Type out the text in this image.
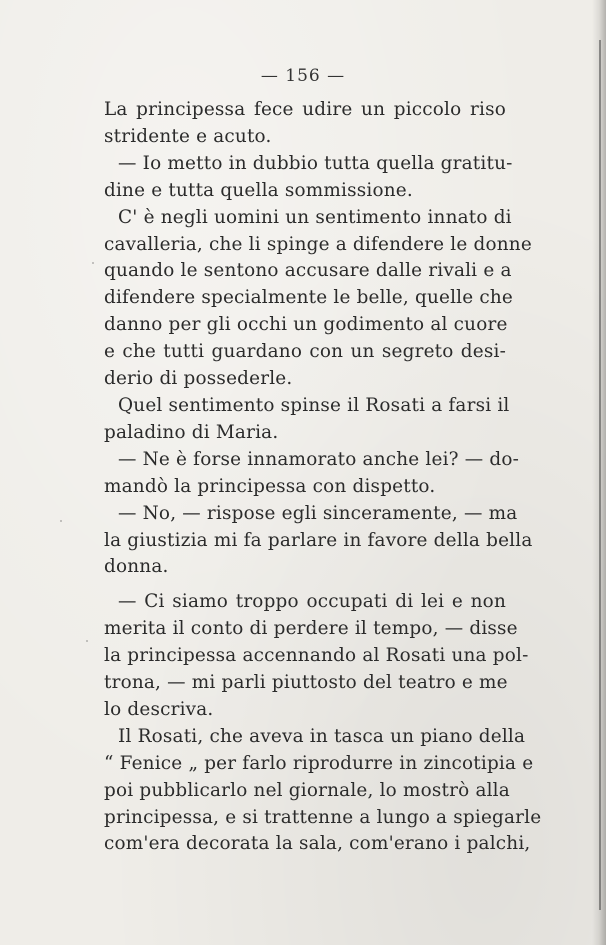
— 156 —
La principessa fece udire un piccolo riso
stridente e acuto.
— Io metto in dubbio tutta quella gratitu-
dine e tutta quella sommissione.
C' è negli uomini un sentimento innato di
cavalleria, che li spinge a difendere le donne
quando le sentono accusare dalle rivali e a
difendere specialmente le belle, quelle che
danno per gli occhi un godimento al cuore
e che tutti guardano con un segreto desi-
derio di possederle.
Quel sentimento spinse il Rosati a farsi il
paladino di Maria.
— Ne è forse innamorato anche lei? — do-
mandò la principessa con dispetto.
— No, — rispose egli sinceramente, — ma
la giustizia mi fa parlare in favore della bella
donna.
— Ci siamo troppo occupati di lei e non
merita il conto di perdere il tempo, — disse
la principessa accennando al Rosati una pol-
trona, — mi parli piuttosto del teatro e me
lo descriva.
Il Rosati, che aveva in tasca un piano della
“ Fenice „ per farlo riprodurre in zincotipia e
poi pubblicarlo nel giornale, lo mostrò alla
principessa, e si trattenne a lungo a spiegarle
com'era decorata la sala, com'erano i palchi,
